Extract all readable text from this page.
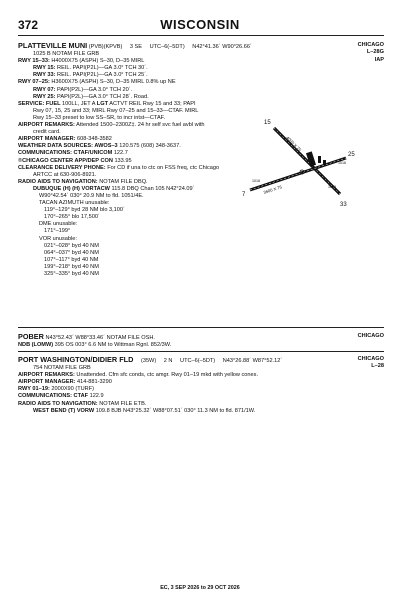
372	WISCONSIN
CHICAGO
L–28G
IAP
PLATTEVILLE MUNI (PVB)(KPVB) 3 SE UTC–6(–5DT) N42°41.36´ W90°26.66´
1025 B NOTAM FILE GRB
RWY 15–33: H4000X75 (ASPH) S–30, D–35 MIRL
RWY 15: REIL. PAPI(P2L)—GA 3.0° TCH 30´.
RWY 33: REIL. PAPI(P2L)—GA 3.0° TCH 25´.
RWY 07–25: H3600X75 (ASPH) S–30, D–35 MIRL 0.8% up NE
RWY 07: PAPI(P2L)—GA 3.0° TCH 20´.
RWY 25: PAPI(P2L)—GA 3.0° TCH 28´. Road.
SERVICE: FUEL 100LL, JET A LGT ACTVT REIL Rwy 15 and 33; PAPI
Rwy 07, 15, 25 and 33; MIRL Rwy 07–25 and 15–33—CTAF. MIRL
Rwy 15–33 preset to low SS–SR, to incr intst—CTAF.
AIRPORT REMARKS: Attended 1500–2300Z‡. 24 hr self svc fuel avbl with
credit card.
AIRPORT MANAGER: 608-348-3582
WEATHER DATA SOURCES: AWOS–3 120.575 (608) 348-3637.
COMMUNICATIONS: CTAF/UNICOM 122.7
®CHICAGO CENTER APP/DEP CON 133.95
CLEARANCE DELIVERY PHONE: For CD if una to ctc on FSS freq, ctc Chicago
ARTCC at 630-906-8921.
RADIO AIDS TO NAVIGATION: NOTAM FILE DBQ.
DUBUQUE (H) (H) VORTACW 115.8 DBQ Chan 105 N42°24.09´
W90°42.54´ 030° 20.9 NM to fld. 1051/4E.
TACAN AZIMUTH unusable:
119°–129° byd 28 NM blo 3,100´
170°–265° blo 17,500´
DME unusable:
171°–199°
VOR unusable:
021°–028° byd 40 NM
064°–037° byd 40 NM
107°–117° byd 40 NM
199°–218° byd 40 NM
325°–335° byd 40 NM
15
33
7
25
4000 X 75
3600 X 75
1018
1009
1016
CHICAGO
POBER N43°52.43´ W88°33.46´ NOTAM FILE OSH.
NDB (LOMW) 395 OS 003° 6.6 NM to Wittman Rgnl. 852/3W.
CHICAGO
L–28
PORT WASHINGTON/DIDIER FLD (35W) 2 N UTC–6(–5DT) N43°26.88´ W87°52.12´
754 NOTAM FILE GRB
AIRPORT REMARKS: Unattended. Cfm sfc conds, ctc amgr. Rwy 01–19 mkd with yellow cones.
AIRPORT MANAGER: 414-881-3290
RWY 01–19: 2000X90 (TURF)
COMMUNICATIONS: CTAF 122.9
RADIO AIDS TO NAVIGATION: NOTAM FILE ETB.
WEST BEND (T) VORW 109.8 BJB N43°25.32´ W88°07.51´ 030° 11.3 NM to fld. 871/1W.
EC, 3 SEP 2026 to 29 OCT 2026
